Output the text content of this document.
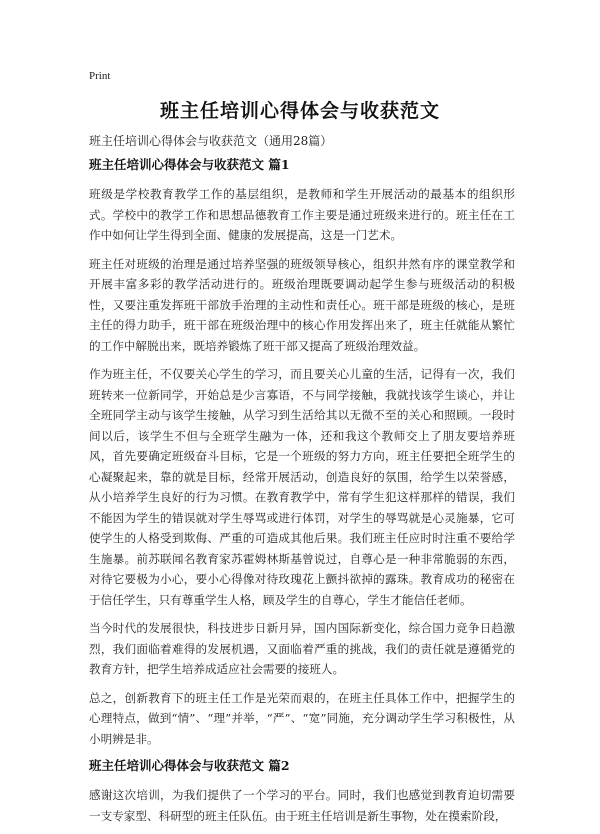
Print
班主任培训心得体会与收获范文
班主任培训心得体会与收获范文（通用28篇）
班主任培训心得体会与收获范文 篇1

班级是学校教育教学工作的基层组织，是教师和学生开展活动的最基本的组织形式。学校中的教学工作和思想品德教育工作主要是通过班级来进行的。班主任在工作中如何让学生得到全面、健康的发展提高，这是一门艺术。

班主任对班级的治理是通过培养坚强的班级领导核心，组织井然有序的课堂教学和开展丰富多彩的教学活动进行的。班级治理既要调动起学生参与班级活动的积极性，又要注重发挥班干部放手治理的主动性和责任心。班干部是班级的核心，是班主任的得力助手，班干部在班级治理中的核心作用发挥出来了，班主任就能从繁忙的工作中解脱出来，既培养锻炼了班干部又提高了班级治理效益。

作为班主任，不仅要关心学生的学习，而且要关心儿童的生活，记得有一次，我们班转来一位新同学，开始总是少言寡语，不与同学接触，我就找该学生谈心，并让全班同学主动与该学生接触，从学习到生活给其以无微不至的关心和照顾。一段时间以后，该学生不但与全班学生融为一体，还和我这个教师交上了朋友要培养班风，首先要确定班级奋斗目标，它是一个班级的努力方向，班主任要把全班学生的心凝聚起来，靠的就是目标，经常开展活动，创造良好的氛围，给学生以荣誉感，从小培养学生良好的行为习惯。在教育教学中，常有学生犯这样那样的错误，我们不能因为学生的错误就对学生辱骂或进行体罚，对学生的辱骂就是心灵施暴，它可使学生的人格受到欺侮、严重的可造成其他后果。我们班主任应时时注重不要给学生施暴。前苏联闻名教育家苏霍姆林斯基曾说过，自尊心是一种非常脆弱的东西，对待它要极为小心，要小心得像对待玫瑰花上颤抖欲掉的露珠。教育成功的秘密在于信任学生，只有尊重学生人格，顾及学生的自尊心，学生才能信任老师。

当今时代的发展很快，科技进步日新月异，国内国际新变化，综合国力竞争日趋激烈，我们面临着难得的发展机遇，又面临着严重的挑战，我们的责任就是遵循党的教育方针，把学生培养成适应社会需要的接班人。

总之，创新教育下的班主任工作是光荣而艰的，在班主任具体工作中，把握学生的心理特点，做到“情”、“理”并举，“严”、“宽”同施，充分调动学生学习积极性，从小明辨是非。

班主任培训心得体会与收获范文 篇2

感谢这次培训，为我们提供了一个学习的平台。同时，我们也感觉到教育迫切需要一支专家型、科研型的班主任队伍。由于班主任培训是新生事物，处在摸索阶段，
